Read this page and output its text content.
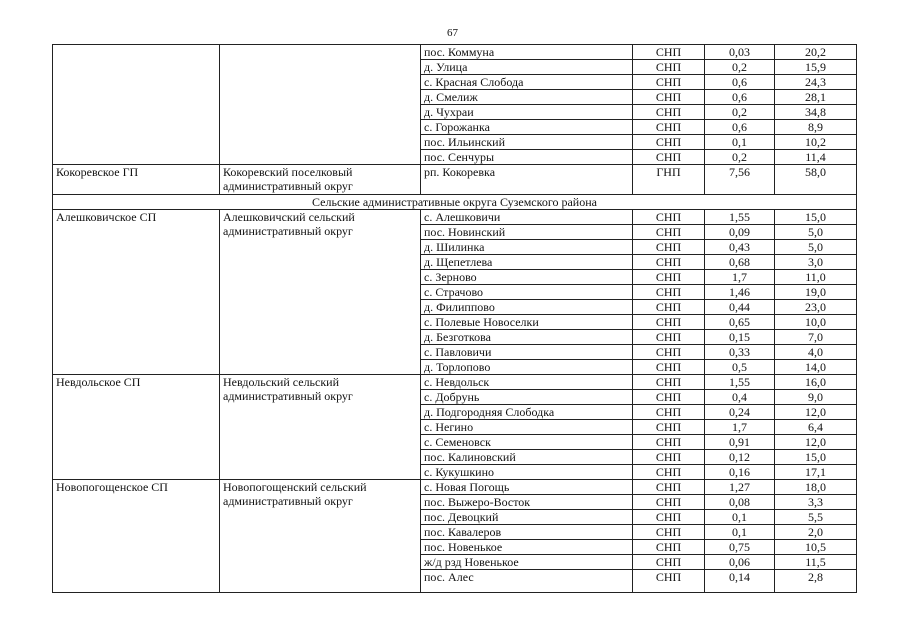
67
		пос. Коммуна	СНП	0,03	20,2
		д. Улица	СНП	0,2	15,9
		с. Красная Слобода	СНП	0,6	24,3
		д. Смелиж	СНП	0,6	28,1
		д. Чухраи	СНП	0,2	34,8
		с. Горожанка	СНП	0,6	8,9
		пос. Ильинский	СНП	0,1	10,2
		пос. Сенчуры	СНП	0,2	11,4
Кокоревское ГП	Кокоревский поселковый административный округ	рп. Кокоревка	ГНП	7,56	58,0
Сельские административные округа Суземского района					
Алешковичское СП	Алешковичский сельский административный округ	с. Алешковичи	СНП	1,55	15,0
		пос. Новинский	СНП	0,09	5,0
		д. Шилинка	СНП	0,43	5,0
		д. Щепетлева	СНП	0,68	3,0
		с. Зерново	СНП	1,7	11,0
		с. Страчово	СНП	1,46	19,0
		д. Филиппово	СНП	0,44	23,0
		с. Полевые Новоселки	СНП	0,65	10,0
		д. Безготкова	СНП	0,15	7,0
		с. Павловичи	СНП	0,33	4,0
		д. Торлопово	СНП	0,5	14,0
Невдольское СП	Невдольский сельский административный округ	с. Невдольск	СНП	1,55	16,0
		с. Добрунь	СНП	0,4	9,0
		д. Подгородняя Слободка	СНП	0,24	12,0
		с. Негино	СНП	1,7	6,4
		с. Семеновск	СНП	0,91	12,0
		пос. Калиновский	СНП	0,12	15,0
		с. Кукушкино	СНП	0,16	17,1
Новопогощенское СП	Новопогощенский сельский административный округ	с. Новая Погощь	СНП	1,27	18,0
		пос. Выжеро-Восток	СНП	0,08	3,3
		пос. Девоцкий	СНП	0,1	5,5
		пос. Кавалеров	СНП	0,1	2,0
		пос. Новенькое	СНП	0,75	10,5
		ж/д рзд Новенькое	СНП	0,06	11,5
		пос. Алес	СНП	0,14	2,8
